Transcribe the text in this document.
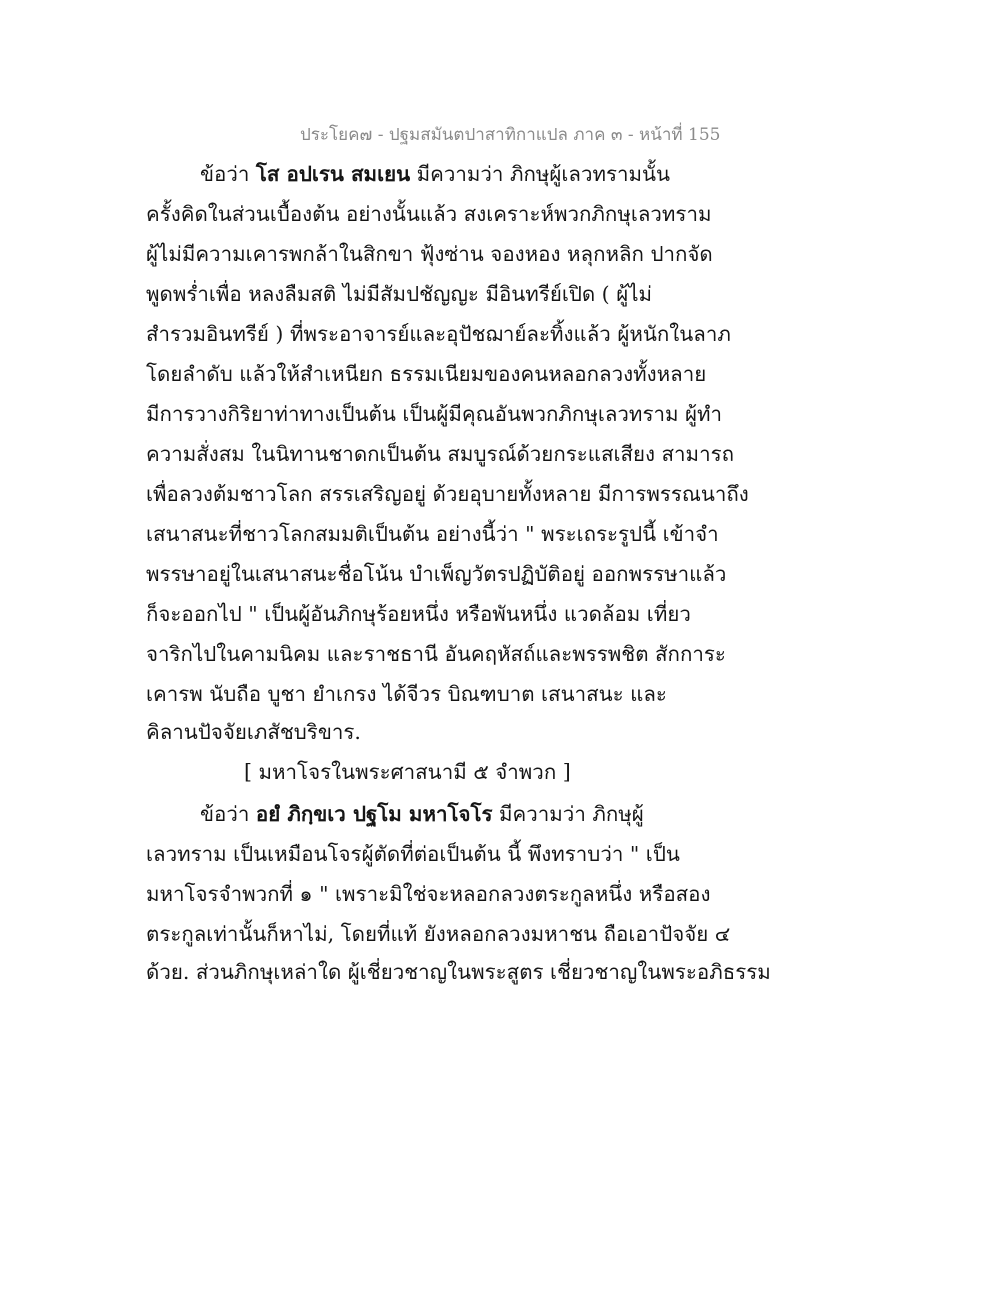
ประโยค๗ - ปฐมสมันตปาสาทิกาแปล ภาค ๓ - หน้าที่ 155
ข้อว่า โส อปเรน สมเยน มีความว่า ภิกษุผู้เลวทรามนั้น
ครั้งคิดในส่วนเบื้องต้น อย่างนั้นแล้ว สงเคราะห์พวกภิกษุเลวทราม
ผู้ไม่มีความเคารพกล้าในสิกขา ฟุ้งซ่าน จองหอง หลุกหลิก ปากจัด
พูดพร่ำเพื่อ หลงลืมสติ ไม่มีสัมปชัญญะ มีอินทรีย์เปิด ( ผู้ไม่
สำรวมอินทรีย์ ) ที่พระอาจารย์และอุปัชฌาย์ละทิ้งแล้ว ผู้หนักในลาภ
โดยลำดับ แล้วให้สำเหนียก ธรรมเนียมของคนหลอกลวงทั้งหลาย
มีการวางกิริยาท่าทางเป็นต้น เป็นผู้มีคุณอันพวกภิกษุเลวทราม ผู้ทำ
ความสั่งสม ในนิทานชาดกเป็นต้น สมบูรณ์ด้วยกระแสเสียง สามารถ
เพื่อลวงต้มชาวโลก สรรเสริญอยู่ ด้วยอุบายทั้งหลาย มีการพรรณนาถึง
เสนาสนะที่ชาวโลกสมมติเป็นต้น อย่างนี้ว่า " พระเถระรูปนี้ เข้าจำ
พรรษาอยู่ในเสนาสนะชื่อโน้น บำเพ็ญวัตรปฏิบัติอยู่ ออกพรรษาแล้ว
ก็จะออกไป " เป็นผู้อันภิกษุร้อยหนึ่ง หรือพันหนึ่ง แวดล้อม เที่ยว
จาริกไปในคามนิคม และราชธานี อันคฤหัสถ์และพรรพชิต สักการะ
เคารพ นับถือ บูชา ยำเกรง ได้จีวร บิณฑบาต เสนาสนะ และ
คิลานปัจจัยเภสัชบริขาร.
[ มหาโจรในพระศาสนามี ๕ จำพวก ]
ข้อว่า อยํ ภิกฺขเว ปฐโม มหาโจโร มีความว่า ภิกษุผู้
เลวทราม เป็นเหมือนโจรผู้ตัดที่ต่อเป็นต้น นี้ พึงทราบว่า " เป็น
มหาโจรจำพวกที่ ๑ " เพราะมิใช่จะหลอกลวงตระกูลหนึ่ง หรือสอง
ตระกูลเท่านั้นก็หาไม่, โดยที่แท้ ยังหลอกลวงมหาชน ถือเอาปัจจัย ๔
ด้วย. ส่วนภิกษุเหล่าใด ผู้เชี่ยวชาญในพระสูตร เชี่ยวชาญในพระอภิธรรม
